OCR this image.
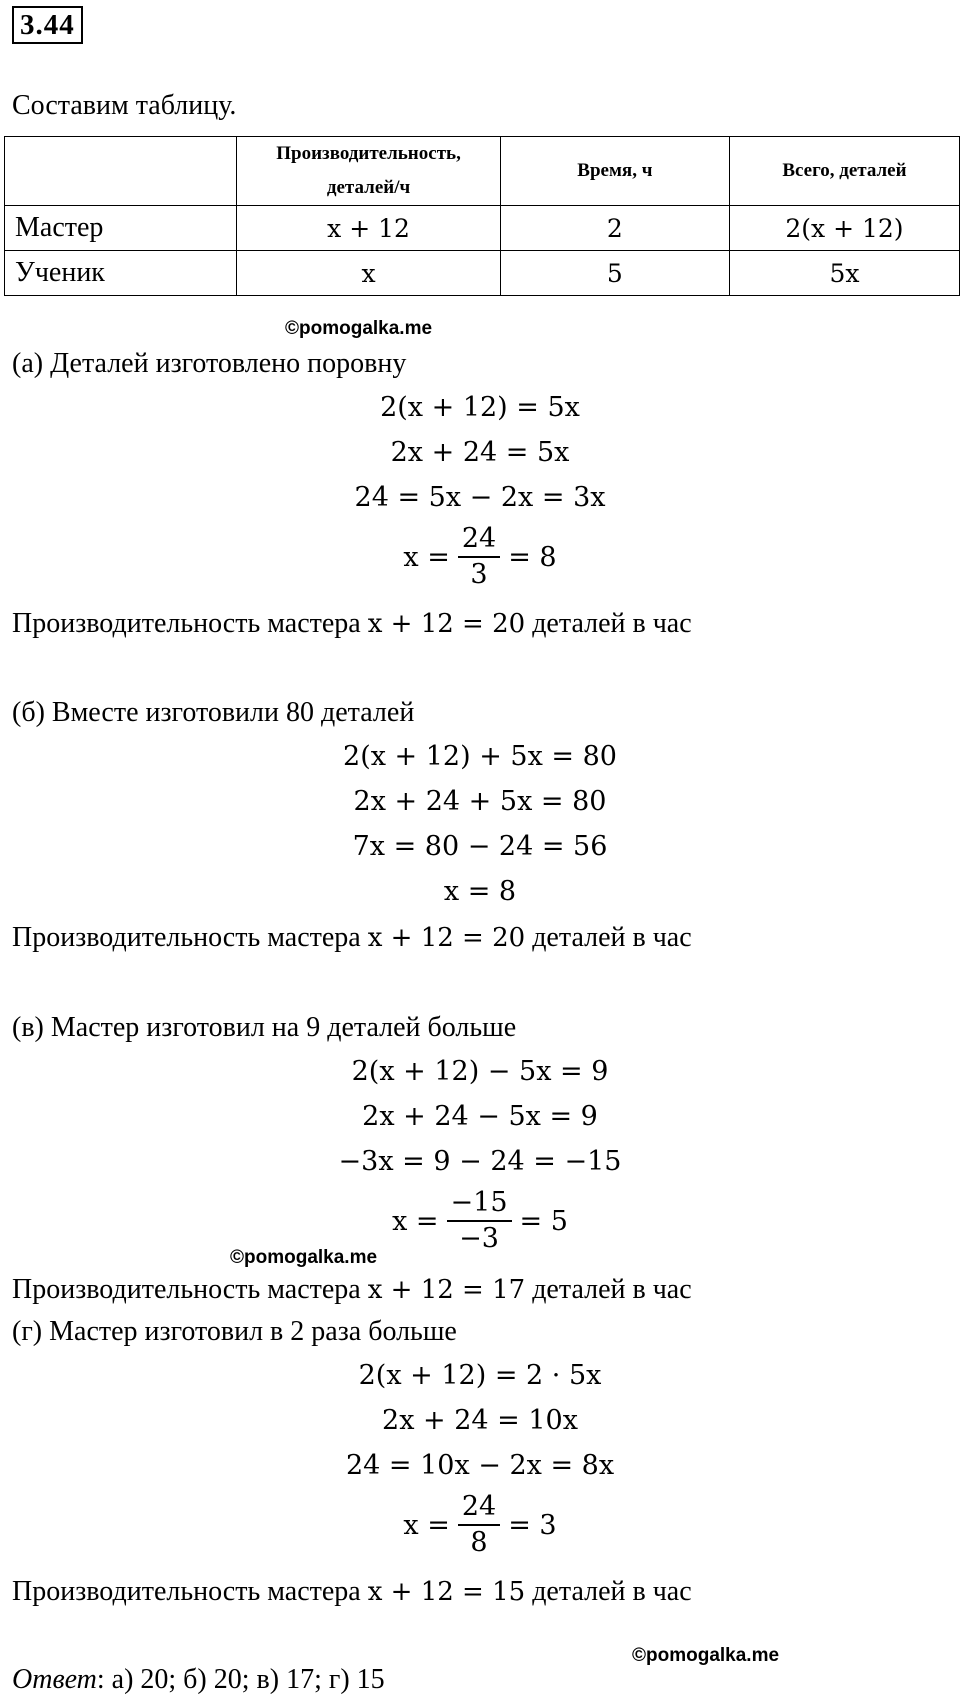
3.44
Составим таблицу.

	Производительность,
деталей/ч	Время, ч	Всего, деталей
Мастер	x + 12	2	2(x + 12)
Ученик	x	5	5x
©pomogalka.me
(а) Деталей изготовлено поровну
2(x + 12) = 5x
2x + 24 = 5x
24 = 5x − 2x = 3x
$x = \frac{24}{3} = 8$
Производительность мастера x + 12 = 20 деталей в час
(б) Вместе изготовили 80 деталей
2(x + 12) + 5x = 80
2x + 24 + 5x = 80
7x = 80 − 24 = 56
x = 8
Производительность мастера x + 12 = 20 деталей в час
(в) Мастер изготовил на 9 деталей больше
2(x + 12) − 5x = 9
2x + 24 − 5x = 9
−3x = 9 − 24 = −15
$x = \frac{-15}{-3} = 5$
©pomogalka.me
Производительность мастера x + 12 = 17 деталей в час
(г) Мастер изготовил в 2 раза больше
2(x + 12) = 2 · 5x
2x + 24 = 10x
24 = 10x − 2x = 8x
$x = \frac{24}{8} = 3$
Производительность мастера x + 12 = 15 деталей в час
©pomogalka.me
Ответ: а) 20; б) 20; в) 17; г) 15
